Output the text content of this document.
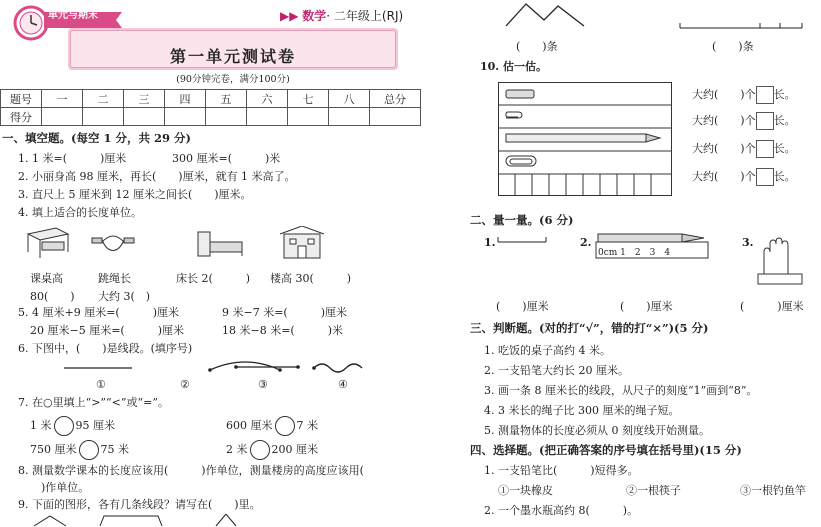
单元与期末	▶▶ 数学· 二年级上(RJ)
第一单元测试卷
(90分钟完卷，满分100分)
题号	一	二	三	四	五	六	七	八	总分
得分									
一、填空题。(每空 1 分，共 29 分)
1. 1 米=(　　　)厘米	300 厘米=(　　　)米
2. 小丽身高 98 厘米，再长(　　)厘米，就有 1 米高了。
3. 直尺上 5 厘米到 12 厘米之间长(　　)厘米。
4. 填上适合的长度单位。
课桌高	跳绳长	床长 2(　　　) 楼高 30(　　　)
80(　　) 大约 3(　)
5. 4 厘米+9 厘米=(　　　)厘米	9 米−7 米=(　　　)厘米
20 厘米−5 厘米=(　　　)厘米	18 米−8 米=(　　　)米
6. 下图中，(　　)是线段。(填序号)
①	②	③	④
7. 在○里填上“>”“<”或“=”。
1 米 95 厘米	600 厘米 7 米
750 厘米 75 米	2 米 200 厘米
8. 测量数学课本的长度应该用(　　　)作单位，测量楼房的高度应该用(
　)作单位。
9. 下面的图形，各有几条线段？请写在(　　)里。
(　　)条	(　　)条
10. 估一估。
大约(　　)个 长。
大约(　　)个 长。
大约(　　)个 长。
大约(　　)个 长。
二、量一量。(6 分)
1.	2.
0cm 1　2　3　4
3.
(　　)厘米	(　　)厘米	(　　　)厘米
三、判断题。(对的打“√”，错的打“×”)(5 分)
1. 吃饭的桌子高约 4 米。
2. 一支铅笔大约长 20 厘米。
3. 画一条 8 厘米长的线段，从尺子的刻度“1”画到“8”。
4. 3 米长的绳子比 300 厘米的绳子短。
5. 测量物体的长度必须从 0 刻度线开始测量。
四、选择题。(把正确答案的序号填在括号里)(15 分)
1. 一支铅笔比(　　　)短得多。
①一块橡皮	②一根筷子	③一根钓鱼竿
2. 一个墨水瓶高约 8(　　　)。
